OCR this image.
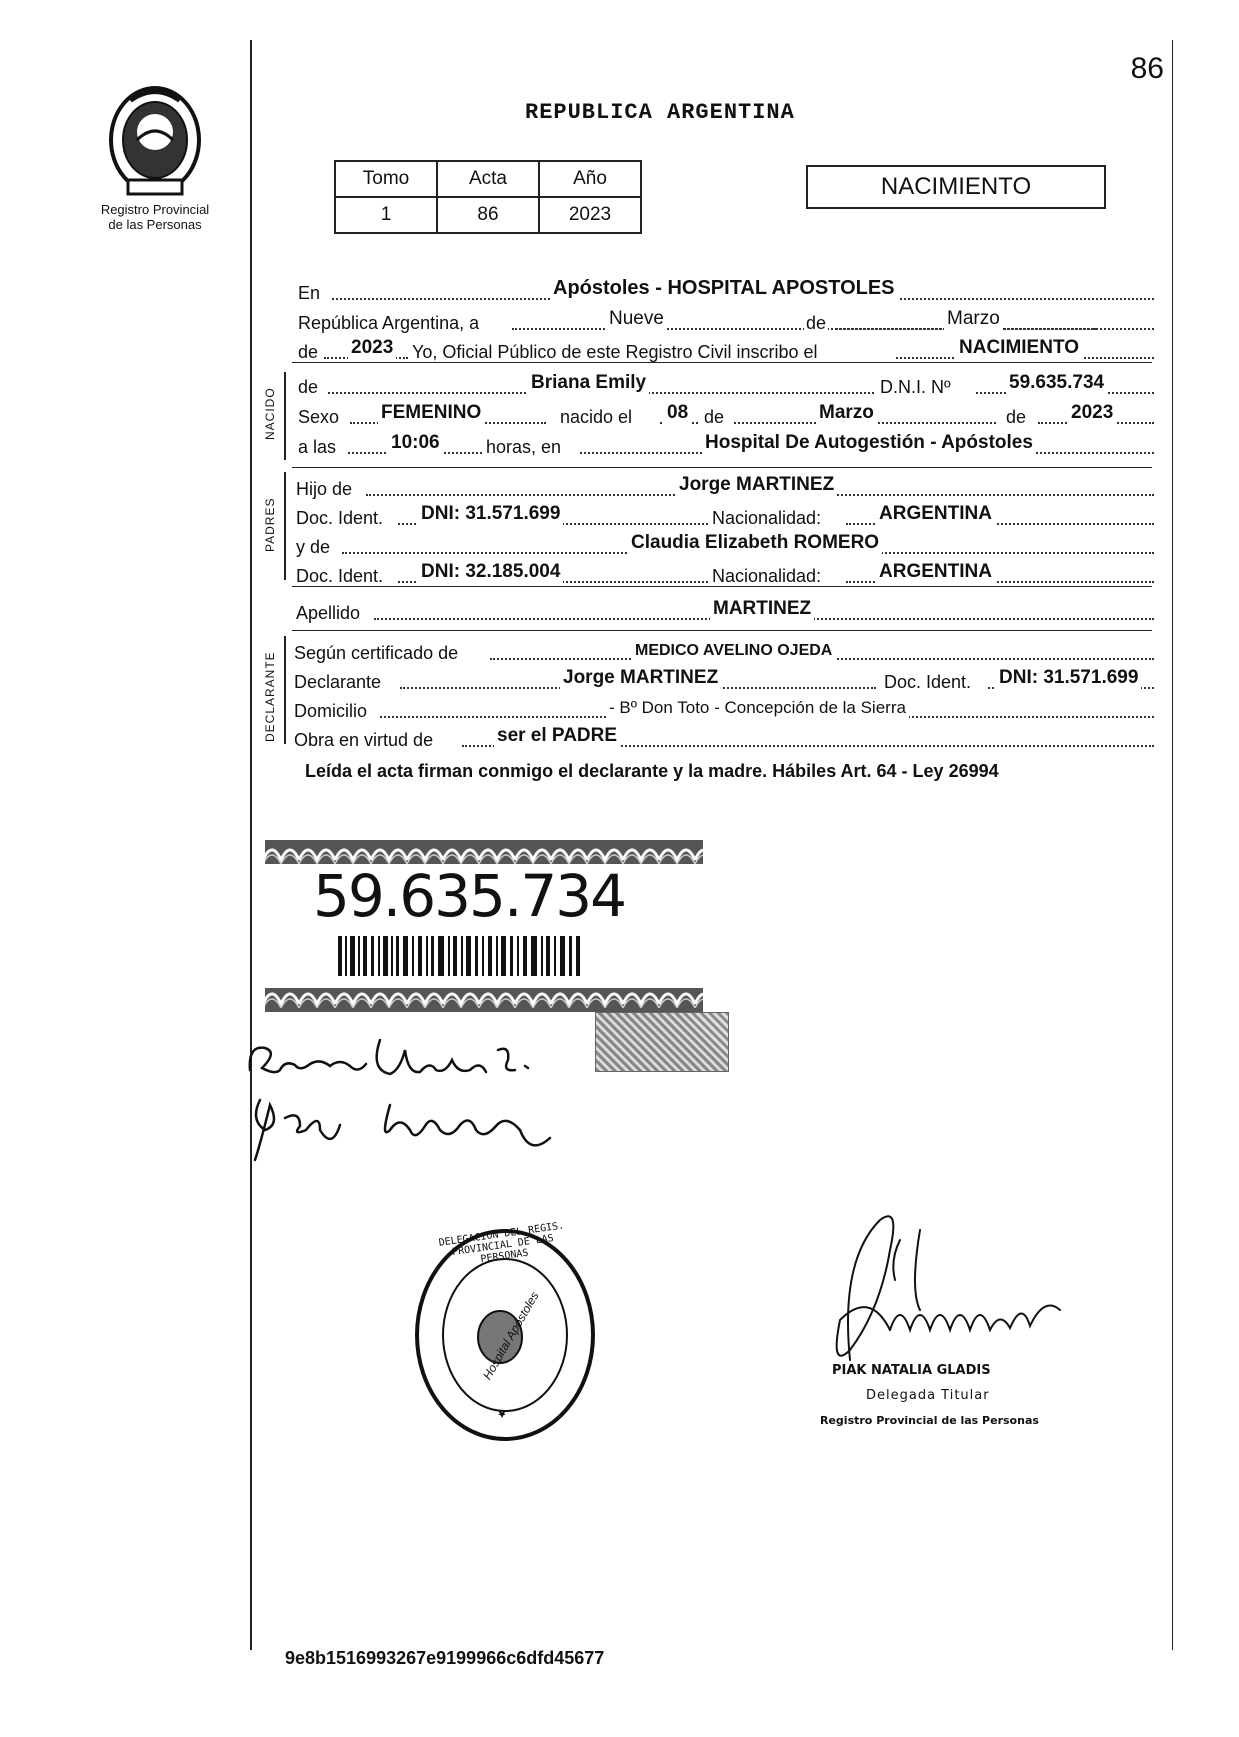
Registro Provincial
de las Personas
86
REPUBLICA ARGENTINA
Tomo	Acta	Año
1	86	2023
NACIMIENTO
NACIDO
PADRES
DECLARANTE
En	Apóstoles - HOSPITAL APOSTOLES
República Argentina, a	Nueve	de	Marzo
de 2023 Yo, Oficial Público de este Registro Civil inscribo el	NACIMIENTO
de	Briana Emily	D.N.I. Nº	59.635.734
Sexo FEMENINO	nacido el 08 de	Marzo	de 2023
a las	10:06	horas, en	Hospital De Autogestión - Apóstoles
Hijo de	Jorge MARTINEZ
Doc. Ident. DNI: 31.571.699	Nacionalidad:	ARGENTINA
y de	Claudia Elizabeth ROMERO
Doc. Ident. DNI: 32.185.004	Nacionalidad:	ARGENTINA
Apellido	MARTINEZ
Según certificado de	MEDICO AVELINO OJEDA
Declarante	Jorge MARTINEZ	Doc. Ident. DNI: 31.571.699
Domicilio	- Bº Don Toto - Concepción de la Sierra
Obra en virtud de	ser el PADRE
Leída el acta firman conmigo el declarante y la madre. Hábiles Art. 64 - Ley 26994
59.635.734
DELEGACION DEL REGIS. PROVINCIAL DE LAS PERSONAS
Hospital Apóstoles	PIAK NATALIA GLADIS
Delegada Titular
Registro Provincial de las Personas
9e8b1516993267e9199966c6dfd45677
